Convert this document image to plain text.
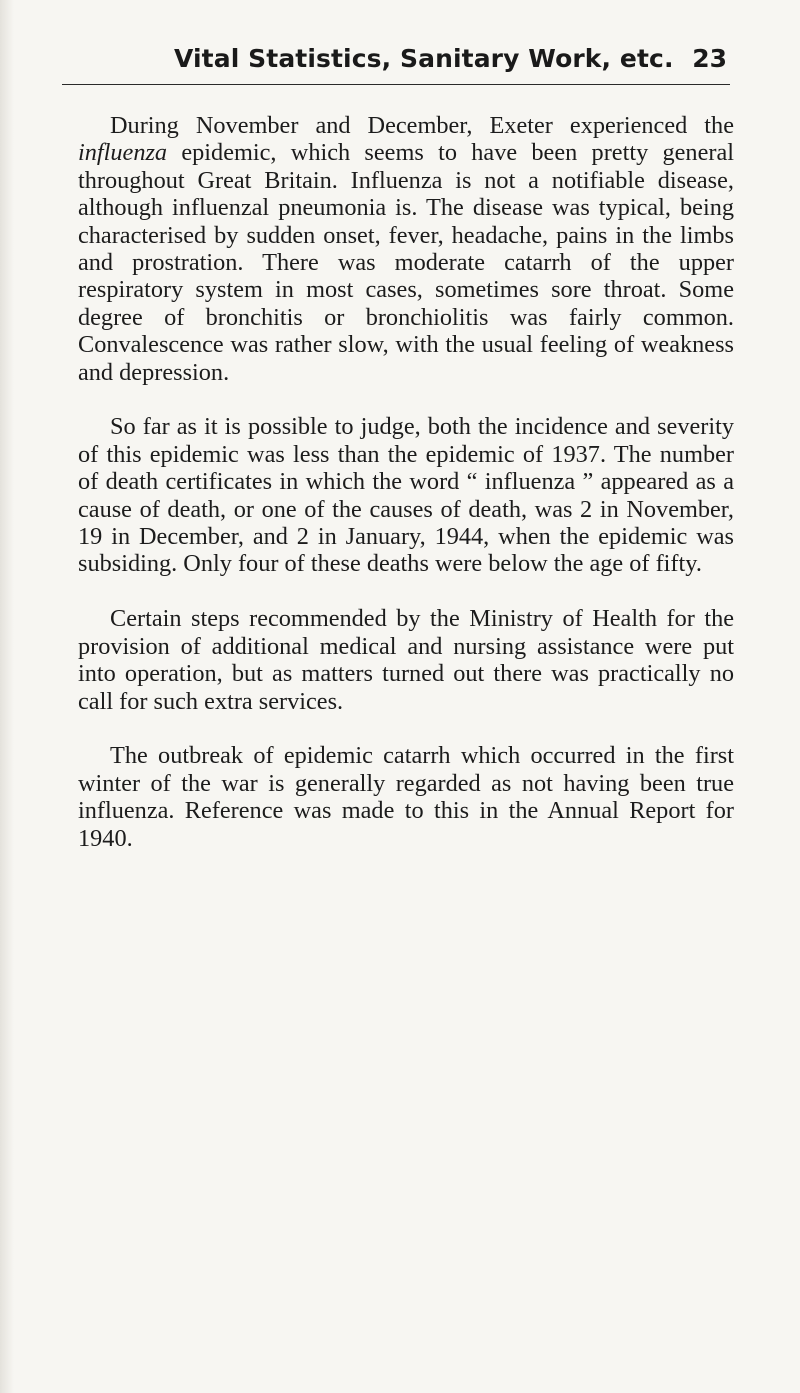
Vital Statistics, Sanitary Work, etc. 23

During November and December, Exeter experienced the influenza epidemic, which seems to have been pretty general throughout Great Britain. Influenza is not a notifiable disease, although influenzal pneumonia is. The disease was typical, being characterised by sudden onset, fever, headache, pains in the limbs and prostration. There was moderate catarrh of the upper respiratory system in most cases, sometimes sore throat. Some degree of bronchitis or bronchiolitis was fairly common. Convalescence was rather slow, with the usual feeling of weakness and depression.

So far as it is possible to judge, both the incidence and severity of this epidemic was less than the epidemic of 1937. The number of death certificates in which the word “ influenza ” appeared as a cause of death, or one of the causes of death, was 2 in November, 19 in December, and 2 in January, 1944, when the epidemic was subsiding. Only four of these deaths were below the age of fifty.

Certain steps recommended by the Ministry of Health for the provision of additional medical and nursing assistance were put into operation, but as matters turned out there was practically no call for such extra services.

The outbreak of epidemic catarrh which occurred in the first winter of the war is generally regarded as not having been true influenza. Reference was made to this in the Annual Report for 1940.
